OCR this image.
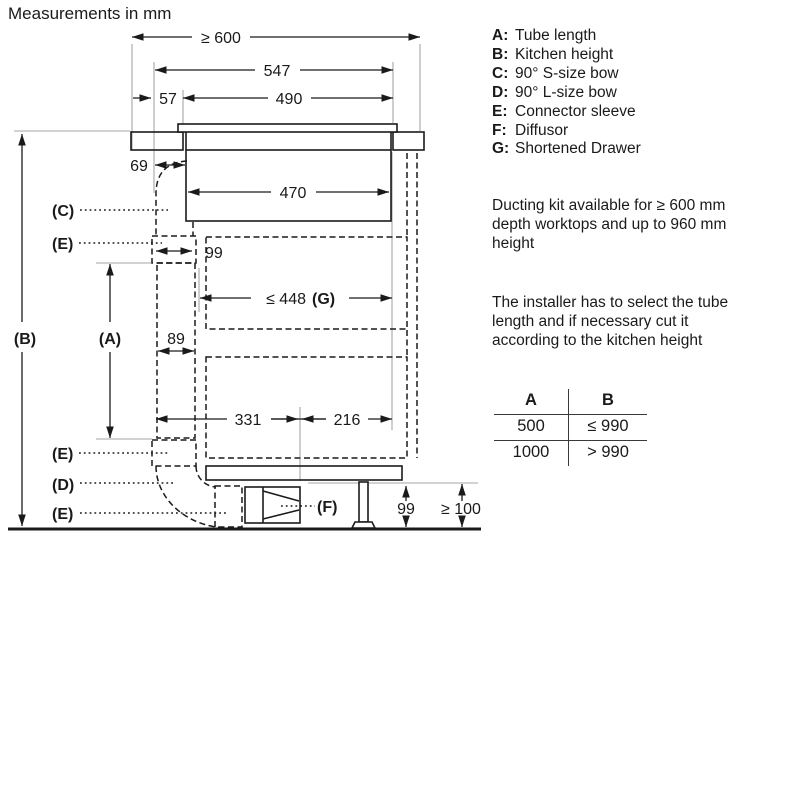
Measurements in mm
≥ 600
547
57	490
69
470
99
≤ 448 (G)
89
331	216
99 ≥ 100
(C)
(E)
(B)	(A)
(E)
(D)
(E)	(F)
A: Tube length
B: Kitchen height
C: 90° S-size bow
D: 90° L-size bow
E: Connector sleeve
F: Diffusor
G: Shortened Drawer
Ducting kit available for ≥ 600 mm
depth worktops and up to 960 mm
height
The installer has to select the tube
length and if necessary cut it
according to the kitchen height
A	B
500	≤ 990
1000	> 990
